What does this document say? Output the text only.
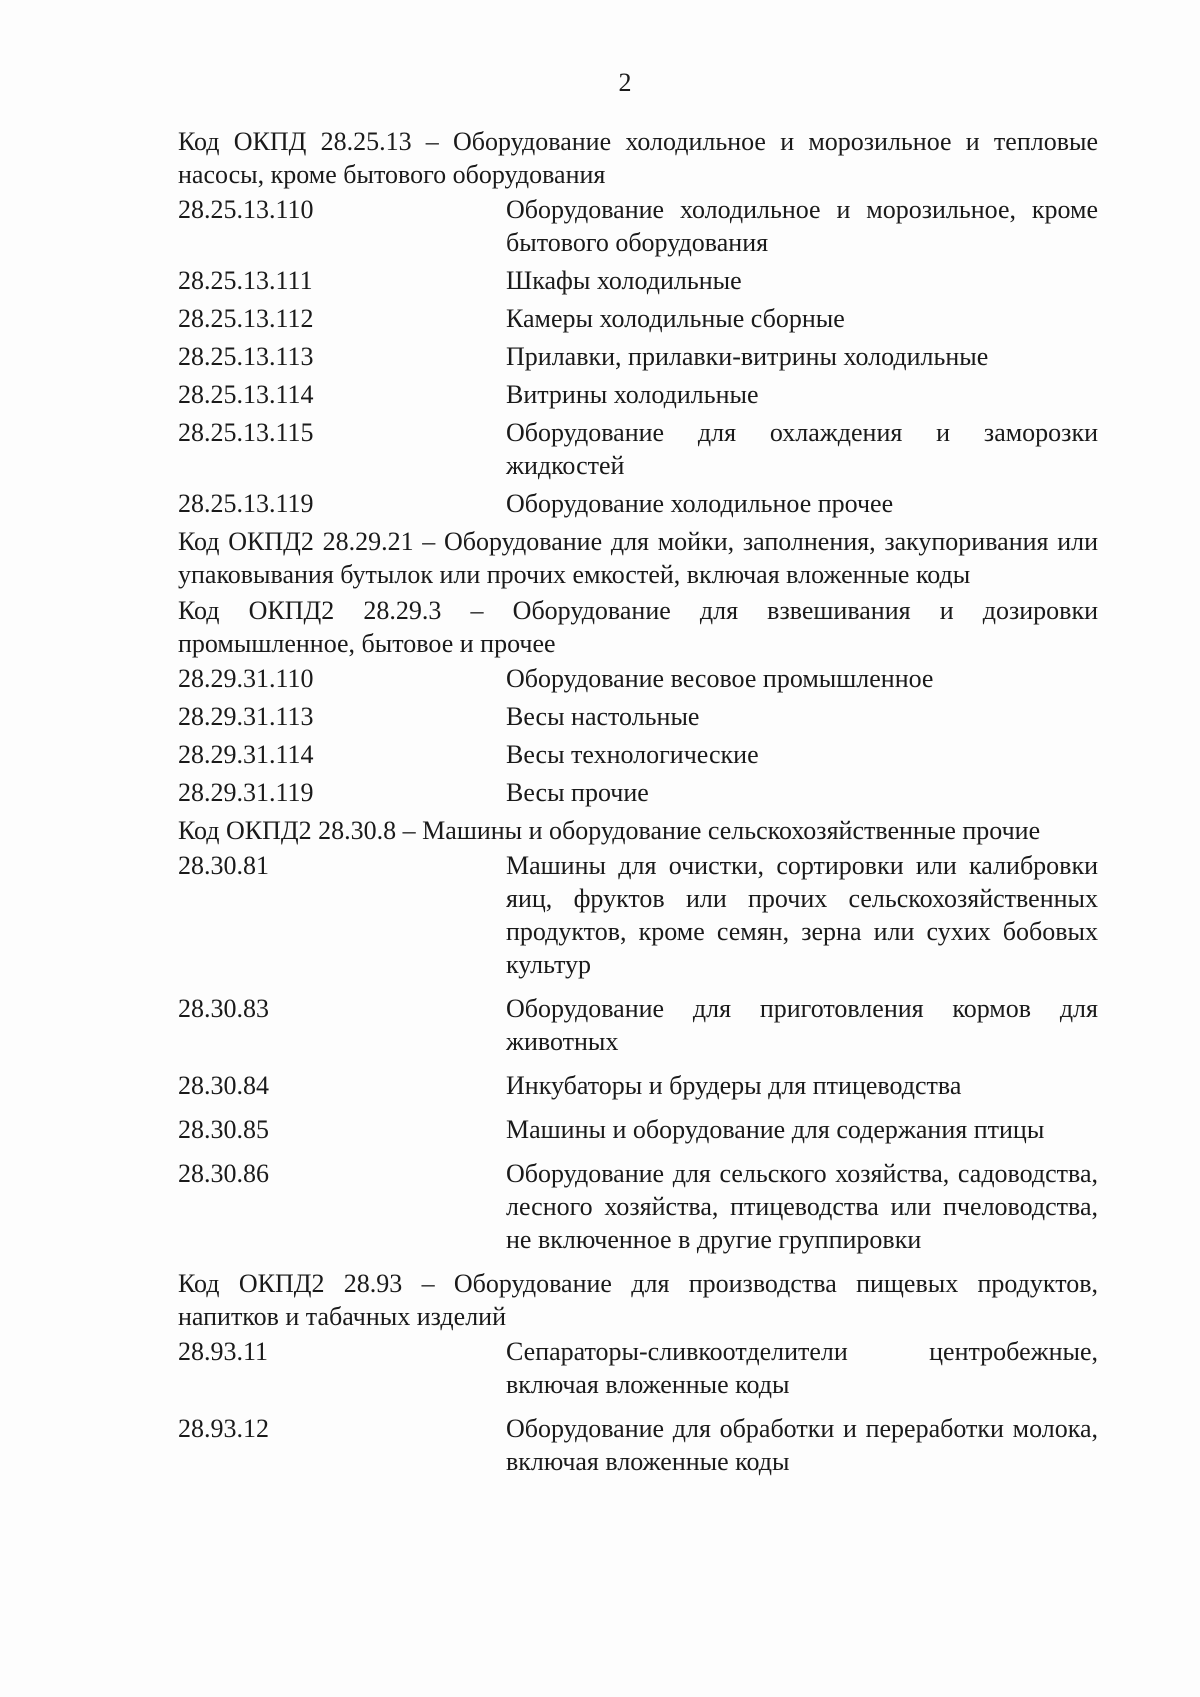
2

Код ОКПД 28.25.13 – Оборудование холодильное и морозильное и тепловые насосы, кроме бытового оборудования

28.25.13.110	Оборудование холодильное и морозильное, кроме бытового оборудования
28.25.13.111	Шкафы холодильные
28.25.13.112	Камеры холодильные сборные
28.25.13.113	Прилавки, прилавки-витрины холодильные
28.25.13.114	Витрины холодильные
28.25.13.115	Оборудование для охлаждения и заморозки жидкостей
28.25.13.119	Оборудование холодильное прочее

Код ОКПД2 28.29.21 – Оборудование для мойки, заполнения, закупоривания или упаковывания бутылок или прочих емкостей, включая вложенные коды

Код ОКПД2 28.29.3 – Оборудование для взвешивания и дозировки промышленное, бытовое и прочее

28.29.31.110	Оборудование весовое промышленное
28.29.31.113	Весы настольные
28.29.31.114	Весы технологические
28.29.31.119	Весы прочие

Код ОКПД2 28.30.8 – Машины и оборудование сельскохозяйственные прочие

28.30.81	Машины для очистки, сортировки или калибровки яиц, фруктов или прочих сельскохозяйственных продуктов, кроме семян, зерна или сухих бобовых культур
28.30.83	Оборудование для приготовления кормов для животных
28.30.84	Инкубаторы и брудеры для птицеводства
28.30.85	Машины и оборудование для содержания птицы
28.30.86	Оборудование для сельского хозяйства, садоводства, лесного хозяйства, птицеводства или пчеловодства, не включенное в другие группировки

Код ОКПД2 28.93 – Оборудование для производства пищевых продуктов, напитков и табачных изделий

28.93.11	Сепараторы-сливкоотделители центробежные, включая вложенные коды
28.93.12	Оборудование для обработки и переработки молока, включая вложенные коды
